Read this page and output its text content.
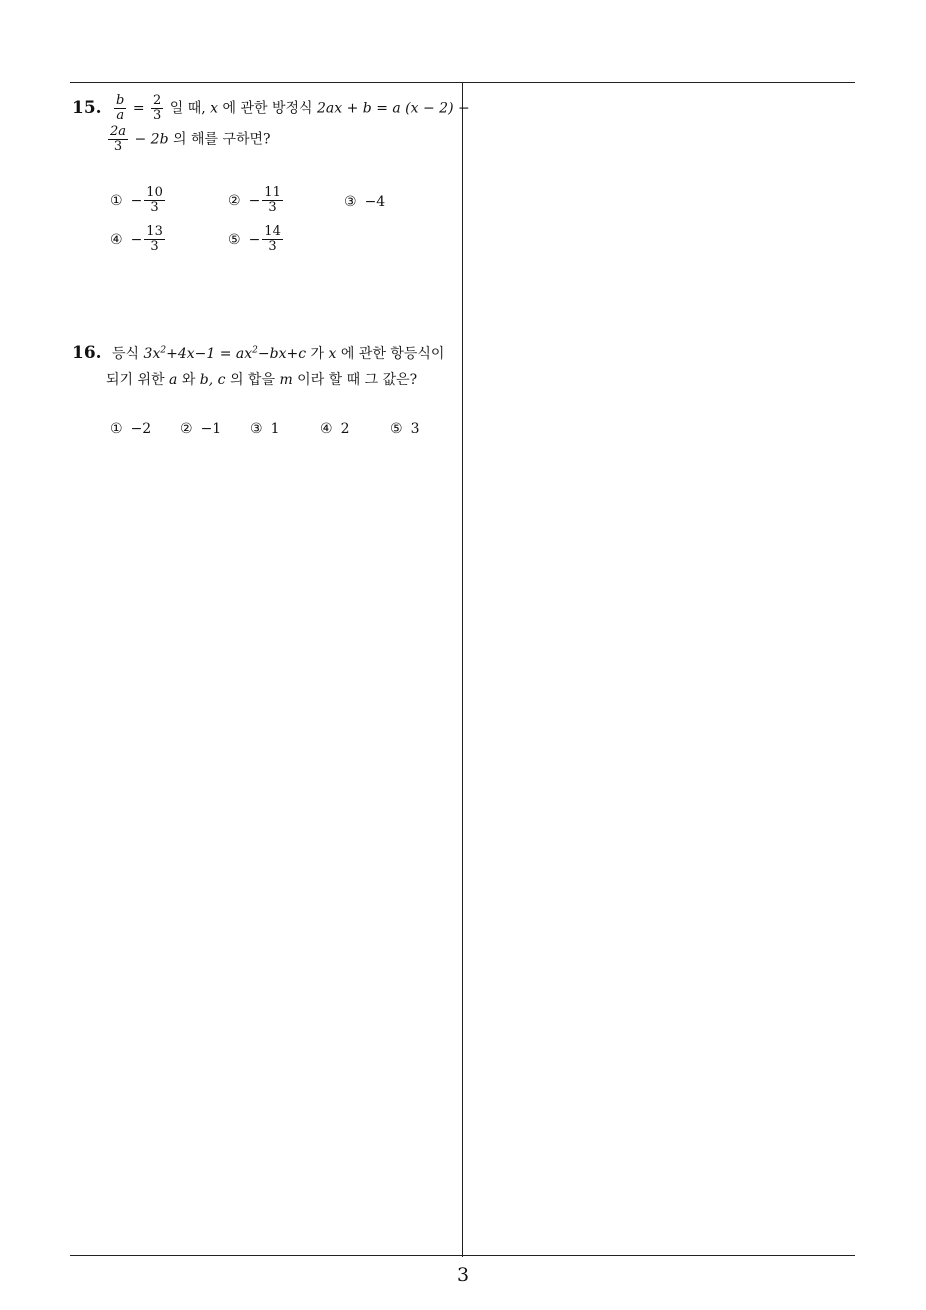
3
15. $\frac{b}{a} = \frac{2}{3}$ 일 때, x 에 관한 방정식 2ax + b = a (x − 2) −
$\frac{2a}{3} - 2b$ 의 해를 구하면?
① − $\frac{10}{3}$	② − $\frac{11}{3}$	③ −4
④ − $\frac{13}{3}$	⑤ − $\frac{14}{3}$
16. 등식 $3x^2+4x-1 = ax^2-bx+c$ 가 x 에 관한 항등식이
되기 위한 a 와 b, c 의 합을 m 이라 할 때 그 값은?
① −2 ② −1 ③ 1	④ 2	⑤ 3
